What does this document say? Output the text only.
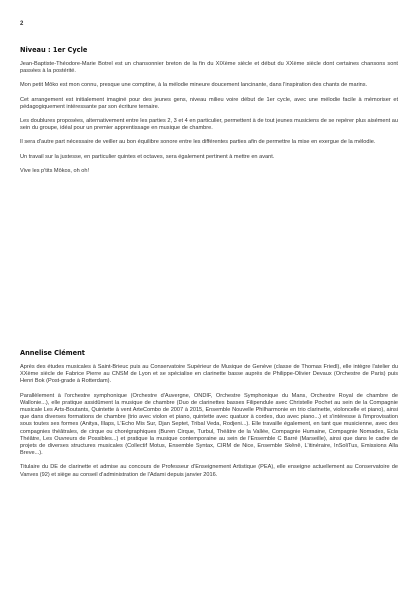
2
Niveau : 1er Cycle

Jean-Baptiste-Théodore-Marie Botrel est un chansonnier breton de la fin du XIXème siècle et début du XXème siècle dont certaines chansons sont passées à la postérité.

Mon petit Mōko est mon connu, presque une comptine, à la mélodie mineure doucement lancinante, dans l'inspiration des chants de marins.

Cet arrangement est initialement imaginé pour des jeunes gens, niveau milieu voire début de 1er cycle, avec une mélodie facile à mémoriser et pédagogiquement intéressante par son écriture ternaire.

Les doublures proposées, alternativement entre les parties 2, 3 et 4 en particulier, permettent à de tout jeunes musiciens de se repérer plus aisément au sein du groupe, idéal pour un premier apprentissage en musique de chambre.

Il sera d'autre part nécessaire de veiller au bon équilibre sonore entre les différentes parties afin de permettre la mise en exergue de la mélodie.

Un travail sur la justesse, en particulier quintes et octaves, sera également pertinent à mettre en avant.

Vive les p'tits Mōkos, oh oh!

Annelise Clément

Après des études musicales à Saint-Brieuc puis au Conservatoire Supérieur de Musique de Genève (classe de Thomas Friedl), elle intègre l'atelier du XXème siècle de Fabrice Pierre au CNSM de Lyon et se spécialise en clarinette basse auprès de Philippe-Olivier Devaux (Orchestre de Paris) puis Henri Bok (Post-grade à Rotterdam).

Parallèlement à l'orchestre symphonique (Orchestre d'Auvergne, ONDIF, Orchestre Symphonique du Mans, Orchestre Royal de chambre de Wallonie...), elle pratique assidûment la musique de chambre (Duo de clarinettes basses Filipendule avec Christelle Pochet au sein de la Compagnie musicale Les Arts-Boutants, Quintette à vent ArteCombo de 2007 à 2015, Ensemble Nouvelle Philharmonie en trio clarinette, violoncelle et piano), ainsi que dans diverses formations de chambre (trio avec violon et piano, quintette avec quatuor à cordes, duo avec piano...) et s'intéresse à l'improvisation sous toutes ses formes (Anitya, Illaps, L'Echo Mis Sur, Djan Septet, Tribal Veda, Rodjeni...). Elle travaille également, en tant que musicienne, avec des compagnies théâtrales, de cirque ou chorégraphiques (Buren Cirque, Turbul, Théâtre de la Vallée, Compagnie Humaine, Compagnie Nomades, Ecla Théâtre, Les Ouvreurs de Possibles...) et pratique la musique contemporaine au sein de l'Ensemble C Barré (Marseille), ainsi que dans le cadre de projets de diverses structures musicales (Collectif Motus, Ensemble Syntax, CIRM de Nice, Ensemble Skênê, L'itinéraire, InSoliTus, Emissions Alla Breve...).

Titulaire du DE de clarinette et admise au concours de Professeur d'Enseignement Artistique (PEA), elle enseigne actuellement au Conservatoire de Vanves (92) et siège au conseil d'administration de l'Adami depuis janvier 2016.
